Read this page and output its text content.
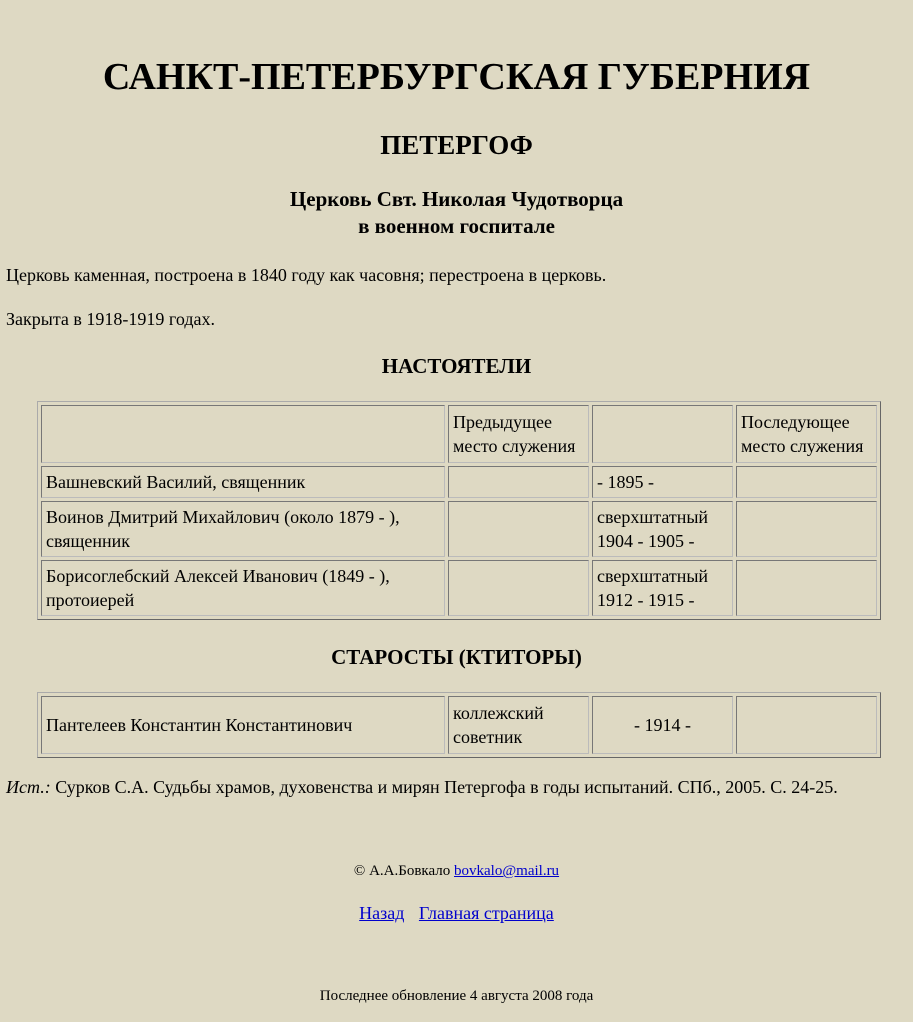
САНКТ-ПЕТЕРБУРГСКАЯ ГУБЕРНИЯ
ПЕТЕРГОФ
Церковь Свт. Николая Чудотворца
в военном госпитале
Церковь каменная, построена в 1840 году как часовня; перестроена в церковь.
Закрыта в 1918-1919 годах.
НАСТОЯТЕЛИ
	Предыдущее место служения		Последующее место служения
Вашневский Василий, священник		- 1895 -	
Воинов Дмитрий Михайлович (около 1879 - ), священник		сверхштатный 1904 - 1905 -	
Борисоглебский Алексей Иванович (1849 - ), протоиерей		сверхштатный 1912 - 1915 -	
СТАРОСТЫ (КТИТОРЫ)
Пантелеев Константин Константинович	коллежский советник	- 1914 -	
Ист.: Сурков С.А. Судьбы храмов, духовенства и мирян Петергофа в годы испытаний. СПб., 2005. С. 24-25.
© А.А.Бовкало bovkalo@mail.ru
Назад Главная страница
Последнее обновление 4 августа 2008 года
